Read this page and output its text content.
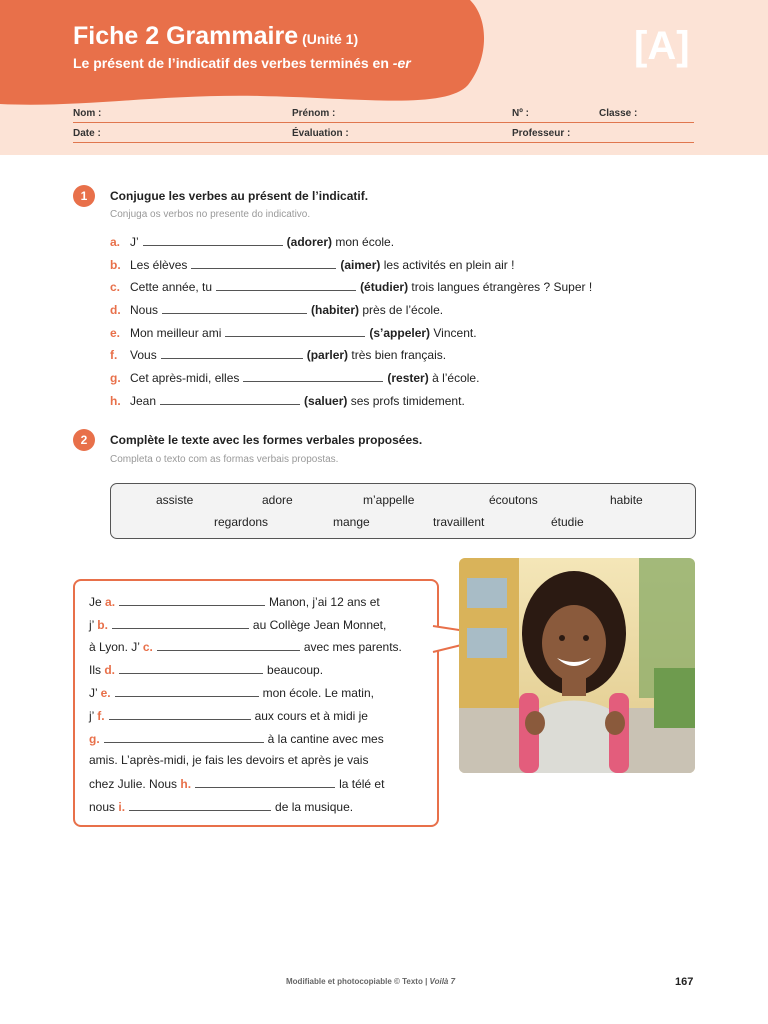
Fiche 2 Grammaire (Unité 1)
Le présent de l’indicatif des verbes terminés en -er	[A]
Nom :	Prénom :	Nº :	Classe :
Date :	Évaluation :	Professeur :
1	Conjugue les verbes au présent de l’indicatif.
Conjuga os verbos no presente do indicativo.
a. J’	(adorer) mon école.
b. Les élèves	(aimer) les activités en plein air !
c. Cette année, tu	(étudier) trois langues étrangères ? Super !
d. Nous	(habiter) près de l’école.
e. Mon meilleur ami	(s’appeler) Vincent.
f. Vous	(parler) très bien français.
g. Cet après-midi, elles	(rester) à l’école.
h. Jean	(saluer) ses profs timidement.
2	Complète le texte avec les formes verbales proposées.
Completa o texto com as formas verbais propostas.
assiste	adore	m’appelle	écoutons	habite
regardons	mange	travaillent	étudie
Je a.	Manon, j’ai 12 ans et
j’ b.	au Collège Jean Monnet,
à Lyon. J’ c.	avec mes parents.
Ils d.	beaucoup.
J’ e.	mon école. Le matin,
j’ f.	aux cours et à midi je
g.	à la cantine avec mes
amis. L’après-midi, je fais les devoirs et après je vais
chez Julie. Nous h.	la télé et
nous i.	de la musique.
Modifiable et photocopiable © Texto | Voilà 7	167
